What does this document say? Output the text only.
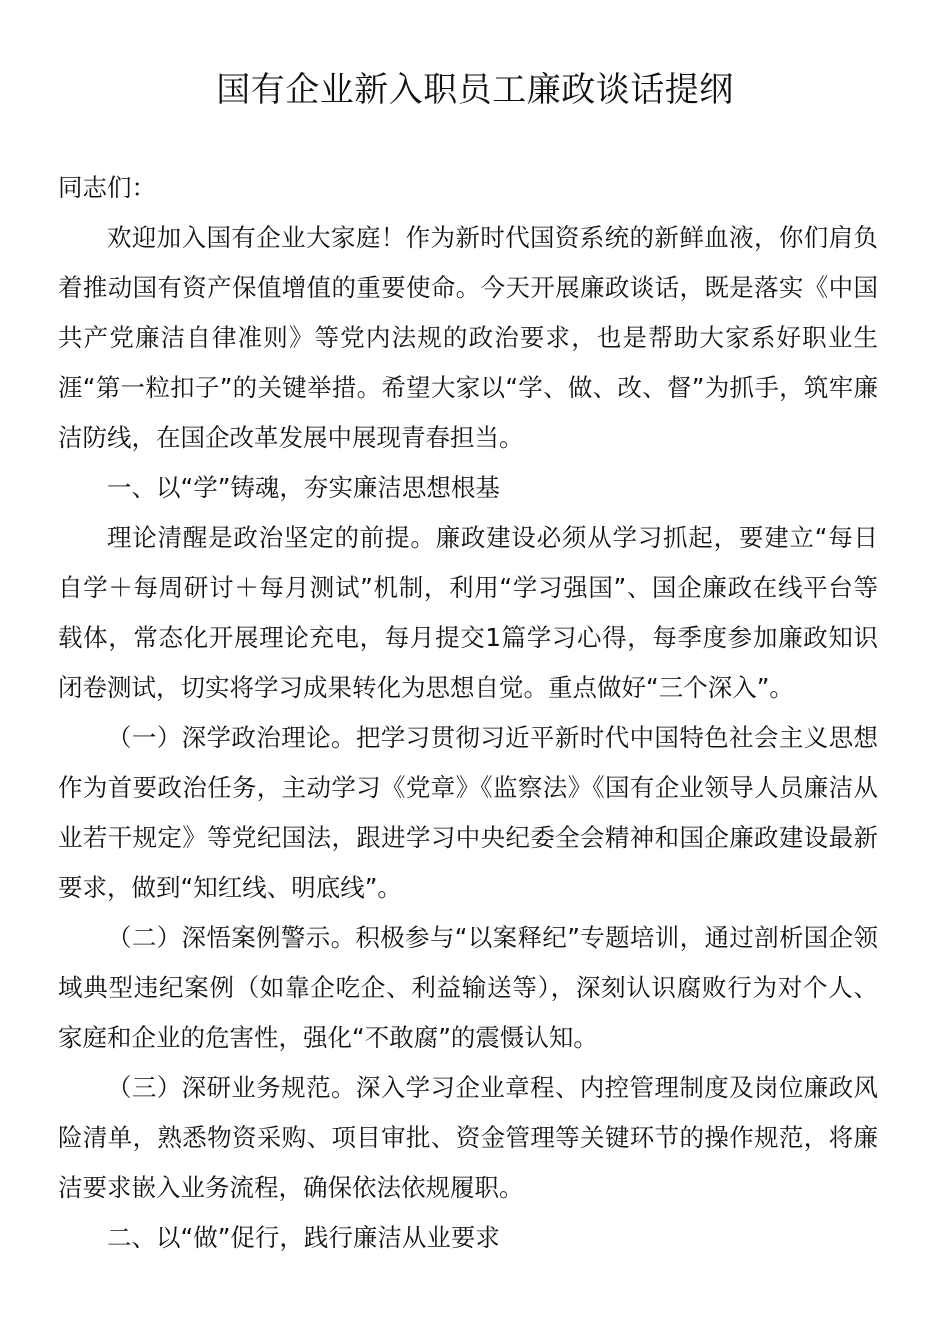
国有企业新入职员工廉政谈话提纲

同志们：

欢迎加入国有企业大家庭！作为新时代国资系统的新鲜血液，你们肩负着推动国有资产保值增值的重要使命。今天开展廉政谈话，既是落实《中国共产党廉洁自律准则》等党内法规的政治要求，也是帮助大家系好职业生涯“第一粒扣子”的关键举措。希望大家以“学、做、改、督”为抓手，筑牢廉洁防线，在国企改革发展中展现青春担当。

一、以“学”铸魂，夯实廉洁思想根基

理论清醒是政治坚定的前提。廉政建设必须从学习抓起，要建立“每日自学＋每周研讨＋每月测试”机制，利用“学习强国”、国企廉政在线平台等载体，常态化开展理论充电，每月提交1篇学习心得，每季度参加廉政知识闭卷测试，切实将学习成果转化为思想自觉。重点做好“三个深入”。

（一）深学政治理论。把学习贯彻习近平新时代中国特色社会主义思想作为首要政治任务，主动学习《党章》《监察法》《国有企业领导人员廉洁从业若干规定》等党纪国法，跟进学习中央纪委全会精神和国企廉政建设最新要求，做到“知红线、明底线”。

（二）深悟案例警示。积极参与“以案释纪”专题培训，通过剖析国企领域典型违纪案例（如靠企吃企、利益输送等），深刻认识腐败行为对个人、家庭和企业的危害性，强化“不敢腐”的震慑认知。

（三）深研业务规范。深入学习企业章程、内控管理制度及岗位廉政风险清单，熟悉物资采购、项目审批、资金管理等关键环节的操作规范，将廉洁要求嵌入业务流程，确保依法依规履职。

二、以“做”促行，践行廉洁从业要求
